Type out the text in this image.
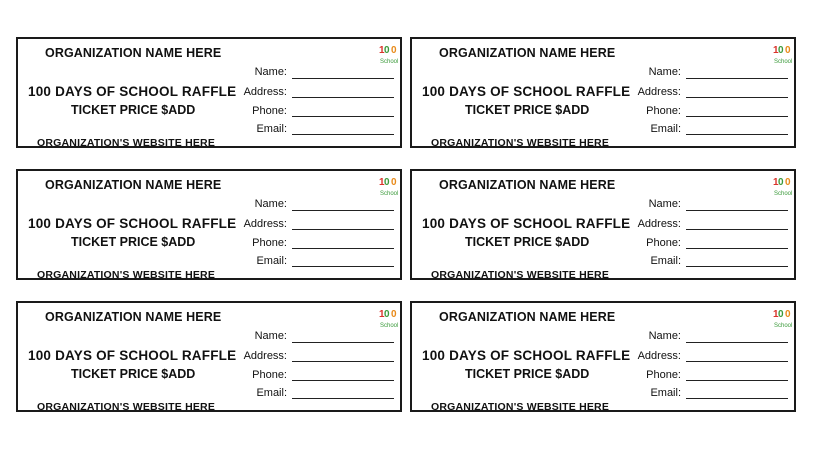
ORGANIZATION NAME HERE
100 DAYS OF SCHOOL RAFFLE
TICKET PRICE $ADD
ORGANIZATION'S WEBSITE HERE
Name:
Address:
Phone:
Email:
1 0 0
School
ORGANIZATION NAME HERE
100 DAYS OF SCHOOL RAFFLE
TICKET PRICE $ADD
ORGANIZATION'S WEBSITE HERE
Name:
Address:
Phone:
Email:
1 0 0
School
ORGANIZATION NAME HERE
100 DAYS OF SCHOOL RAFFLE
TICKET PRICE $ADD
ORGANIZATION'S WEBSITE HERE
Name:
Address:
Phone:
Email:
1 0 0
School
ORGANIZATION NAME HERE
100 DAYS OF SCHOOL RAFFLE
TICKET PRICE $ADD
ORGANIZATION'S WEBSITE HERE
Name:
Address:
Phone:
Email:
1 0 0
School
ORGANIZATION NAME HERE
100 DAYS OF SCHOOL RAFFLE
TICKET PRICE $ADD
ORGANIZATION'S WEBSITE HERE
Name:
Address:
Phone:
Email:
1 0 0
School
ORGANIZATION NAME HERE
100 DAYS OF SCHOOL RAFFLE
TICKET PRICE $ADD
ORGANIZATION'S WEBSITE HERE
Name:
Address:
Phone:
Email:
1 0 0
School
